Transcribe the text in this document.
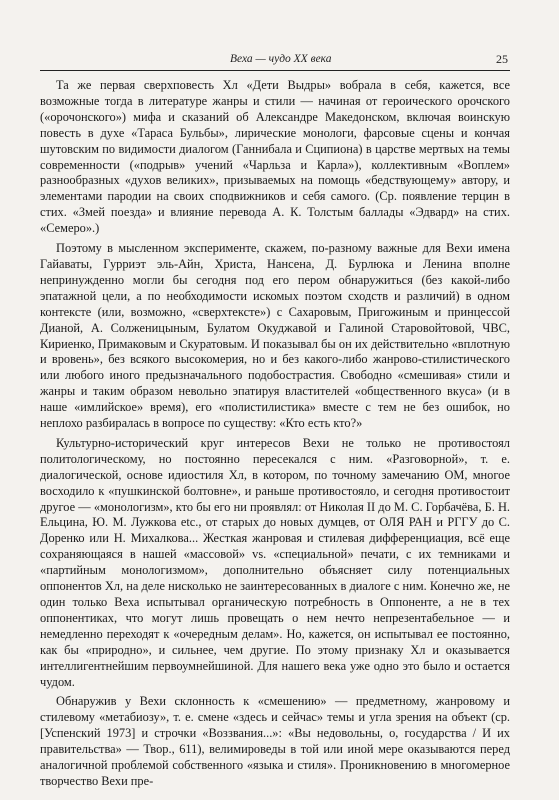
Веха — чудо XX века	25

Та же первая сверхповесть Хл «Дети Выдры» вобрала в себя, кажется, все возможные тогда в литературе жанры и стили — начиная от героического орочского («орочонского») мифа и сказаний об Александре Македонском, включая воинскую повесть в духе «Тараса Бульбы», лирические монологи, фарсовые сцены и кончая шутовским по видимости диалогом (Ганнибала и Сципиона) в царстве мертвых на темы современности («подрыв» учений «Чарльза и Карла»), коллективным «Воплем» разнообразных «духов великих», призываемых на помощь «бедствующему» автору, и элементами пародии на своих сподвижников и себя самого. (Ср. появление терцин в стих. «Змей поезда» и влияние перевода А. К. Толстым баллады «Эдвард» на стих. «Семеро».)

Поэтому в мысленном эксперименте, скажем, по-разному важные для Вехи имена Гайаваты, Гурриэт эль-Айн, Христа, Нансена, Д. Бурлюка и Ленина вполне непринужденно могли бы сегодня под его пером обнаружиться (без какой-либо эпатажной цели, а по необходимости искомых поэтом сходств и различий) в одном контексте (или, возможно, «сверхтексте») с Сахаровым, Пригожиным и принцессой Дианой, А. Солженицыным, Булатом Окуджавой и Галиной Старовойтовой, ЧВС, Кириенко, Примаковым и Скуратовым. И показывал бы он их действительно «вплотную и вровень», без всякого высокомерия, но и без какого-либо жанрово-стилистического или любого иного предызначального подобострастия. Свободно «смешивая» стили и жанры и таким образом невольно эпатируя властителей «общественного вкуса» (и в наше «имлийское» время), его «полистилистика» вместе с тем не без ошибок, но неплохо разбиралась в вопросе по существу: «Кто есть кто?»

Культурно-исторический круг интересов Вехи не только не противостоял политологическому, но постоянно пересекался с ним. «Разговорной», т. е. диалогической, основе идиостиля Хл, в котором, по точному замечанию ОМ, многое восходило к «пушкинской болтовне», и раньше противостояло, и сегодня противостоит другое — «монологизм», кто бы его ни проявлял: от Николая II до М. С. Горбачёва, Б. Н. Ельцина, Ю. М. Лужкова etc., от старых до новых думцев, от ОЛЯ РАН и РГГУ до С. Доренко или Н. Михалкова... Жесткая жанровая и стилевая дифференциация, всё еще сохраняющаяся в нашей «массовой» vs. «специальной» печати, с их темниками и «партийным монологизмом», дополнительно объясняет силу потенциальных оппонентов Хл, на деле нисколько не заинтересованных в диалоге с ним. Конечно же, не один только Веха испытывал органическую потребность в Оппоненте, а не в тех оппонентиках, что могут лишь провещать о нем нечто непрезентабельное — и немедленно переходят к «очередным делам». Но, кажется, он испытывал ее постоянно, как бы «природно», и сильнее, чем другие. По этому признаку Хл и оказывается интеллигентнейшим первоумнейшиной. Для нашего века уже одно это было и остается чудом.

Обнаружив у Вехи склонность к «смешению» — предметному, жанровому и стилевому «метабиозу», т. е. смене «здесь и сейчас» темы и угла зрения на объект (ср. [Успенский 1973] и строчки «Воззвания...»: «Вы недовольны, о, государства / И их правительства» — Твор., 611), велимироведы в той или иной мере оказываются перед аналогичной проблемой собственного «языка и стиля». Проникновению в многомерное творчество Вехи пре-
